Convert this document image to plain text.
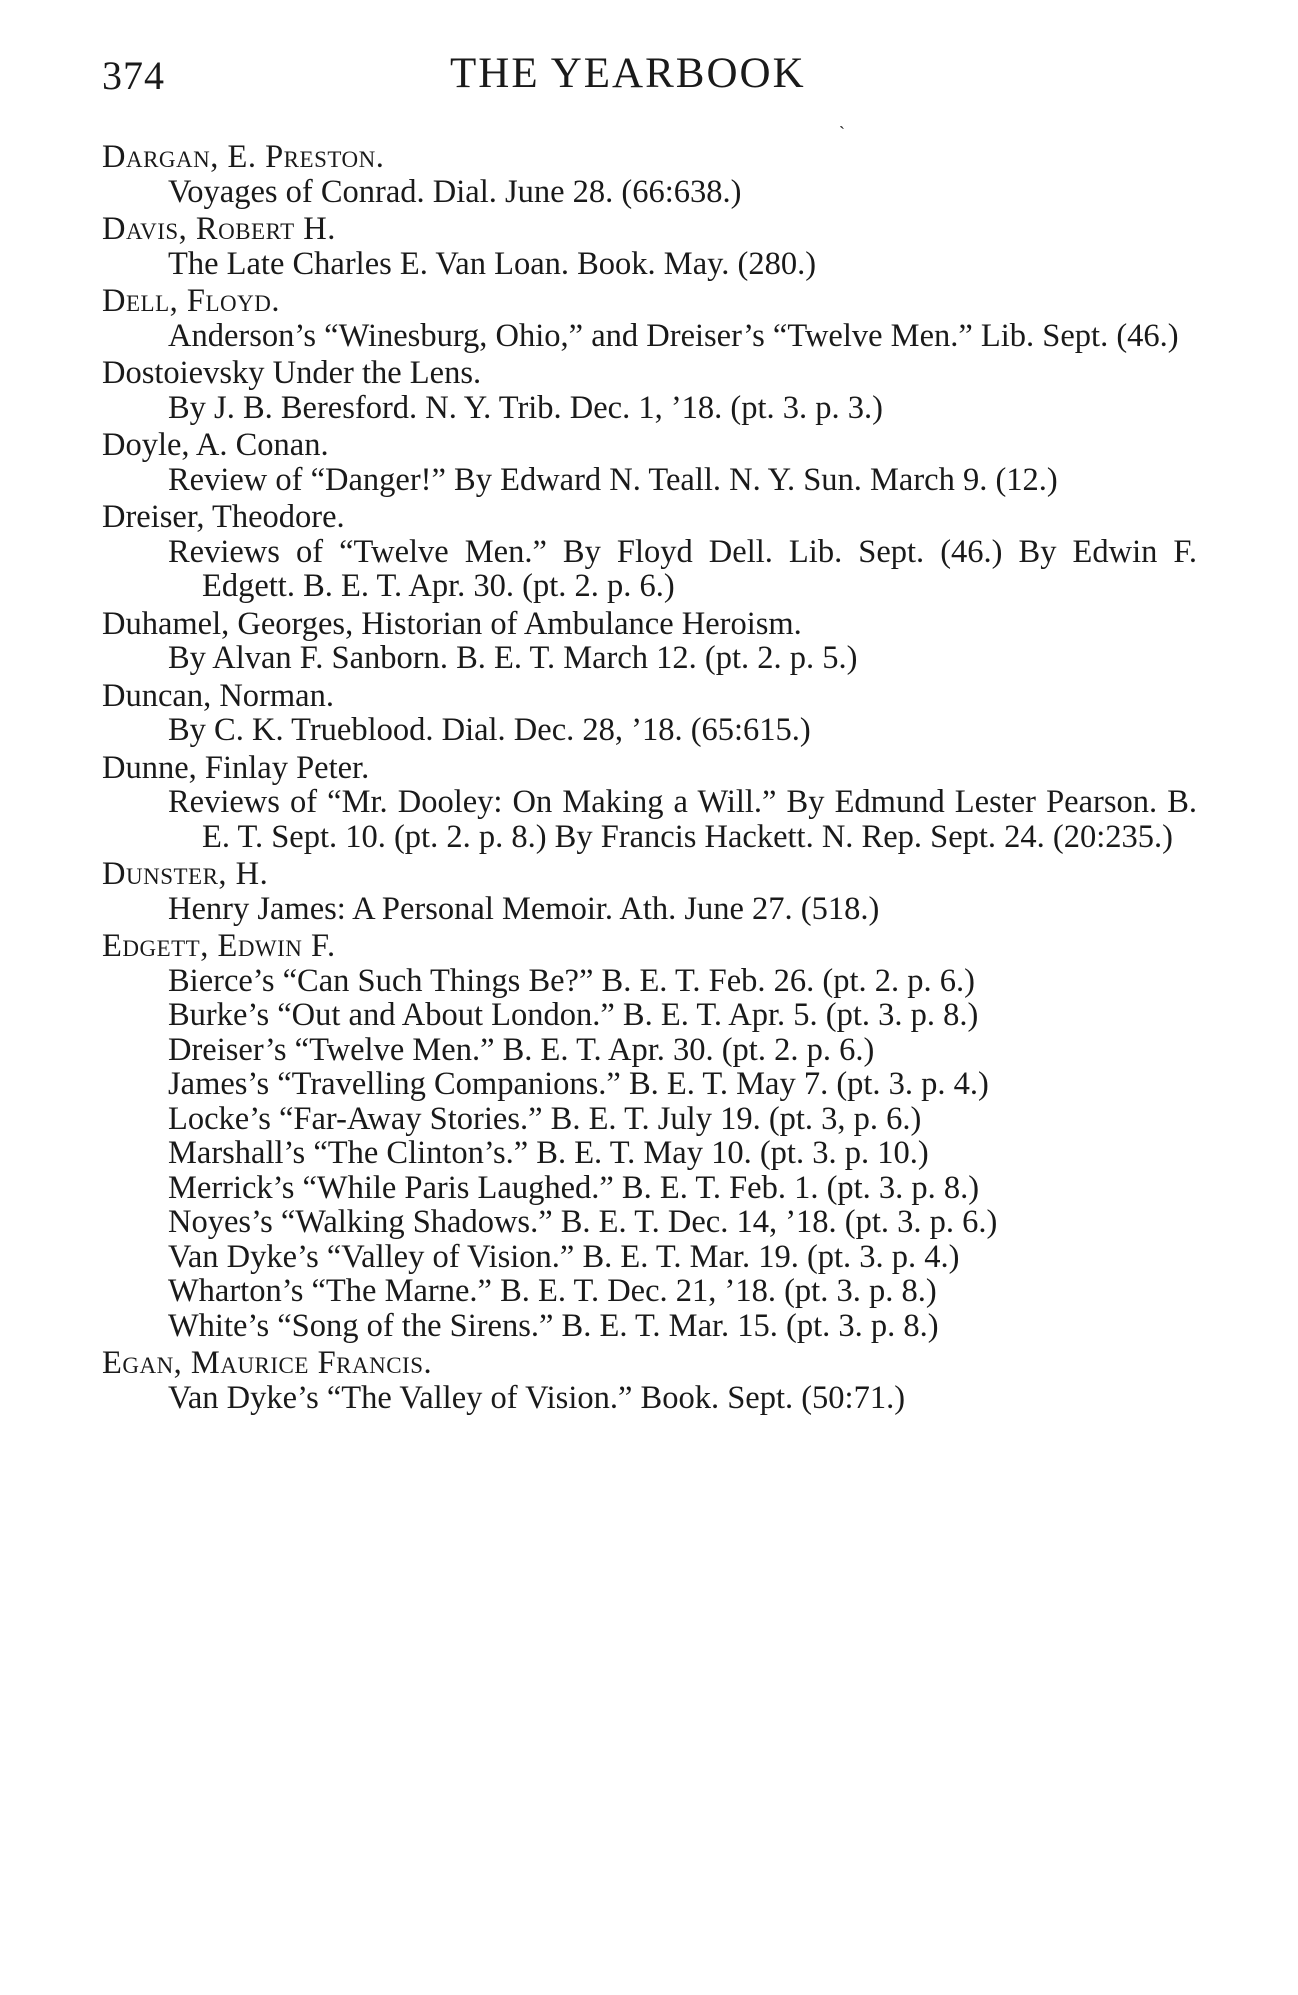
374	THE YEARBOOK
ˎ
Dargan, E. Preston.
Voyages of Conrad. Dial. June 28. (66:638.)
Davis, Robert H.
The Late Charles E. Van Loan. Book. May. (280.)
Dell, Floyd.
Anderson’s “Winesburg, Ohio,” and Dreiser’s “Twelve Men.” Lib. Sept. (46.)
Dostoievsky Under the Lens.
By J. B. Beresford. N. Y. Trib. Dec. 1, ’18. (pt. 3. p. 3.)
Doyle, A. Conan.
Review of “Danger!” By Edward N. Teall. N. Y. Sun. March 9. (12.)
Dreiser, Theodore.
Reviews of “Twelve Men.” By Floyd Dell. Lib. Sept. (46.) By Edwin F. Edgett. B. E. T. Apr. 30. (pt. 2. p. 6.)
Duhamel, Georges, Historian of Ambulance Heroism.
By Alvan F. Sanborn. B. E. T. March 12. (pt. 2. p. 5.)
Duncan, Norman.
By C. K. Trueblood. Dial. Dec. 28, ’18. (65:615.)
Dunne, Finlay Peter.
Reviews of “Mr. Dooley: On Making a Will.” By Edmund Lester Pearson. B. E. T. Sept. 10. (pt. 2. p. 8.) By Francis Hackett. N. Rep. Sept. 24. (20:235.)
Dunster, H.
Henry James: A Personal Memoir. Ath. June 27. (518.)
Edgett, Edwin F.
Bierce’s “Can Such Things Be?” B. E. T. Feb. 26. (pt. 2. p. 6.)
Burke’s “Out and About London.” B. E. T. Apr. 5. (pt. 3. p. 8.)
Dreiser’s “Twelve Men.” B. E. T. Apr. 30. (pt. 2. p. 6.)
James’s “Travelling Companions.” B. E. T. May 7. (pt. 3. p. 4.)
Locke’s “Far-Away Stories.” B. E. T. July 19. (pt. 3, p. 6.)
Marshall’s “The Clinton’s.” B. E. T. May 10. (pt. 3. p. 10.)
Merrick’s “While Paris Laughed.” B. E. T. Feb. 1. (pt. 3. p. 8.)
Noyes’s “Walking Shadows.” B. E. T. Dec. 14, ’18. (pt. 3. p. 6.)
Van Dyke’s “Valley of Vision.” B. E. T. Mar. 19. (pt. 3. p. 4.)
Wharton’s “The Marne.” B. E. T. Dec. 21, ’18. (pt. 3. p. 8.)
White’s “Song of the Sirens.” B. E. T. Mar. 15. (pt. 3. p. 8.)
Egan, Maurice Francis.
Van Dyke’s “The Valley of Vision.” Book. Sept. (50:71.)
